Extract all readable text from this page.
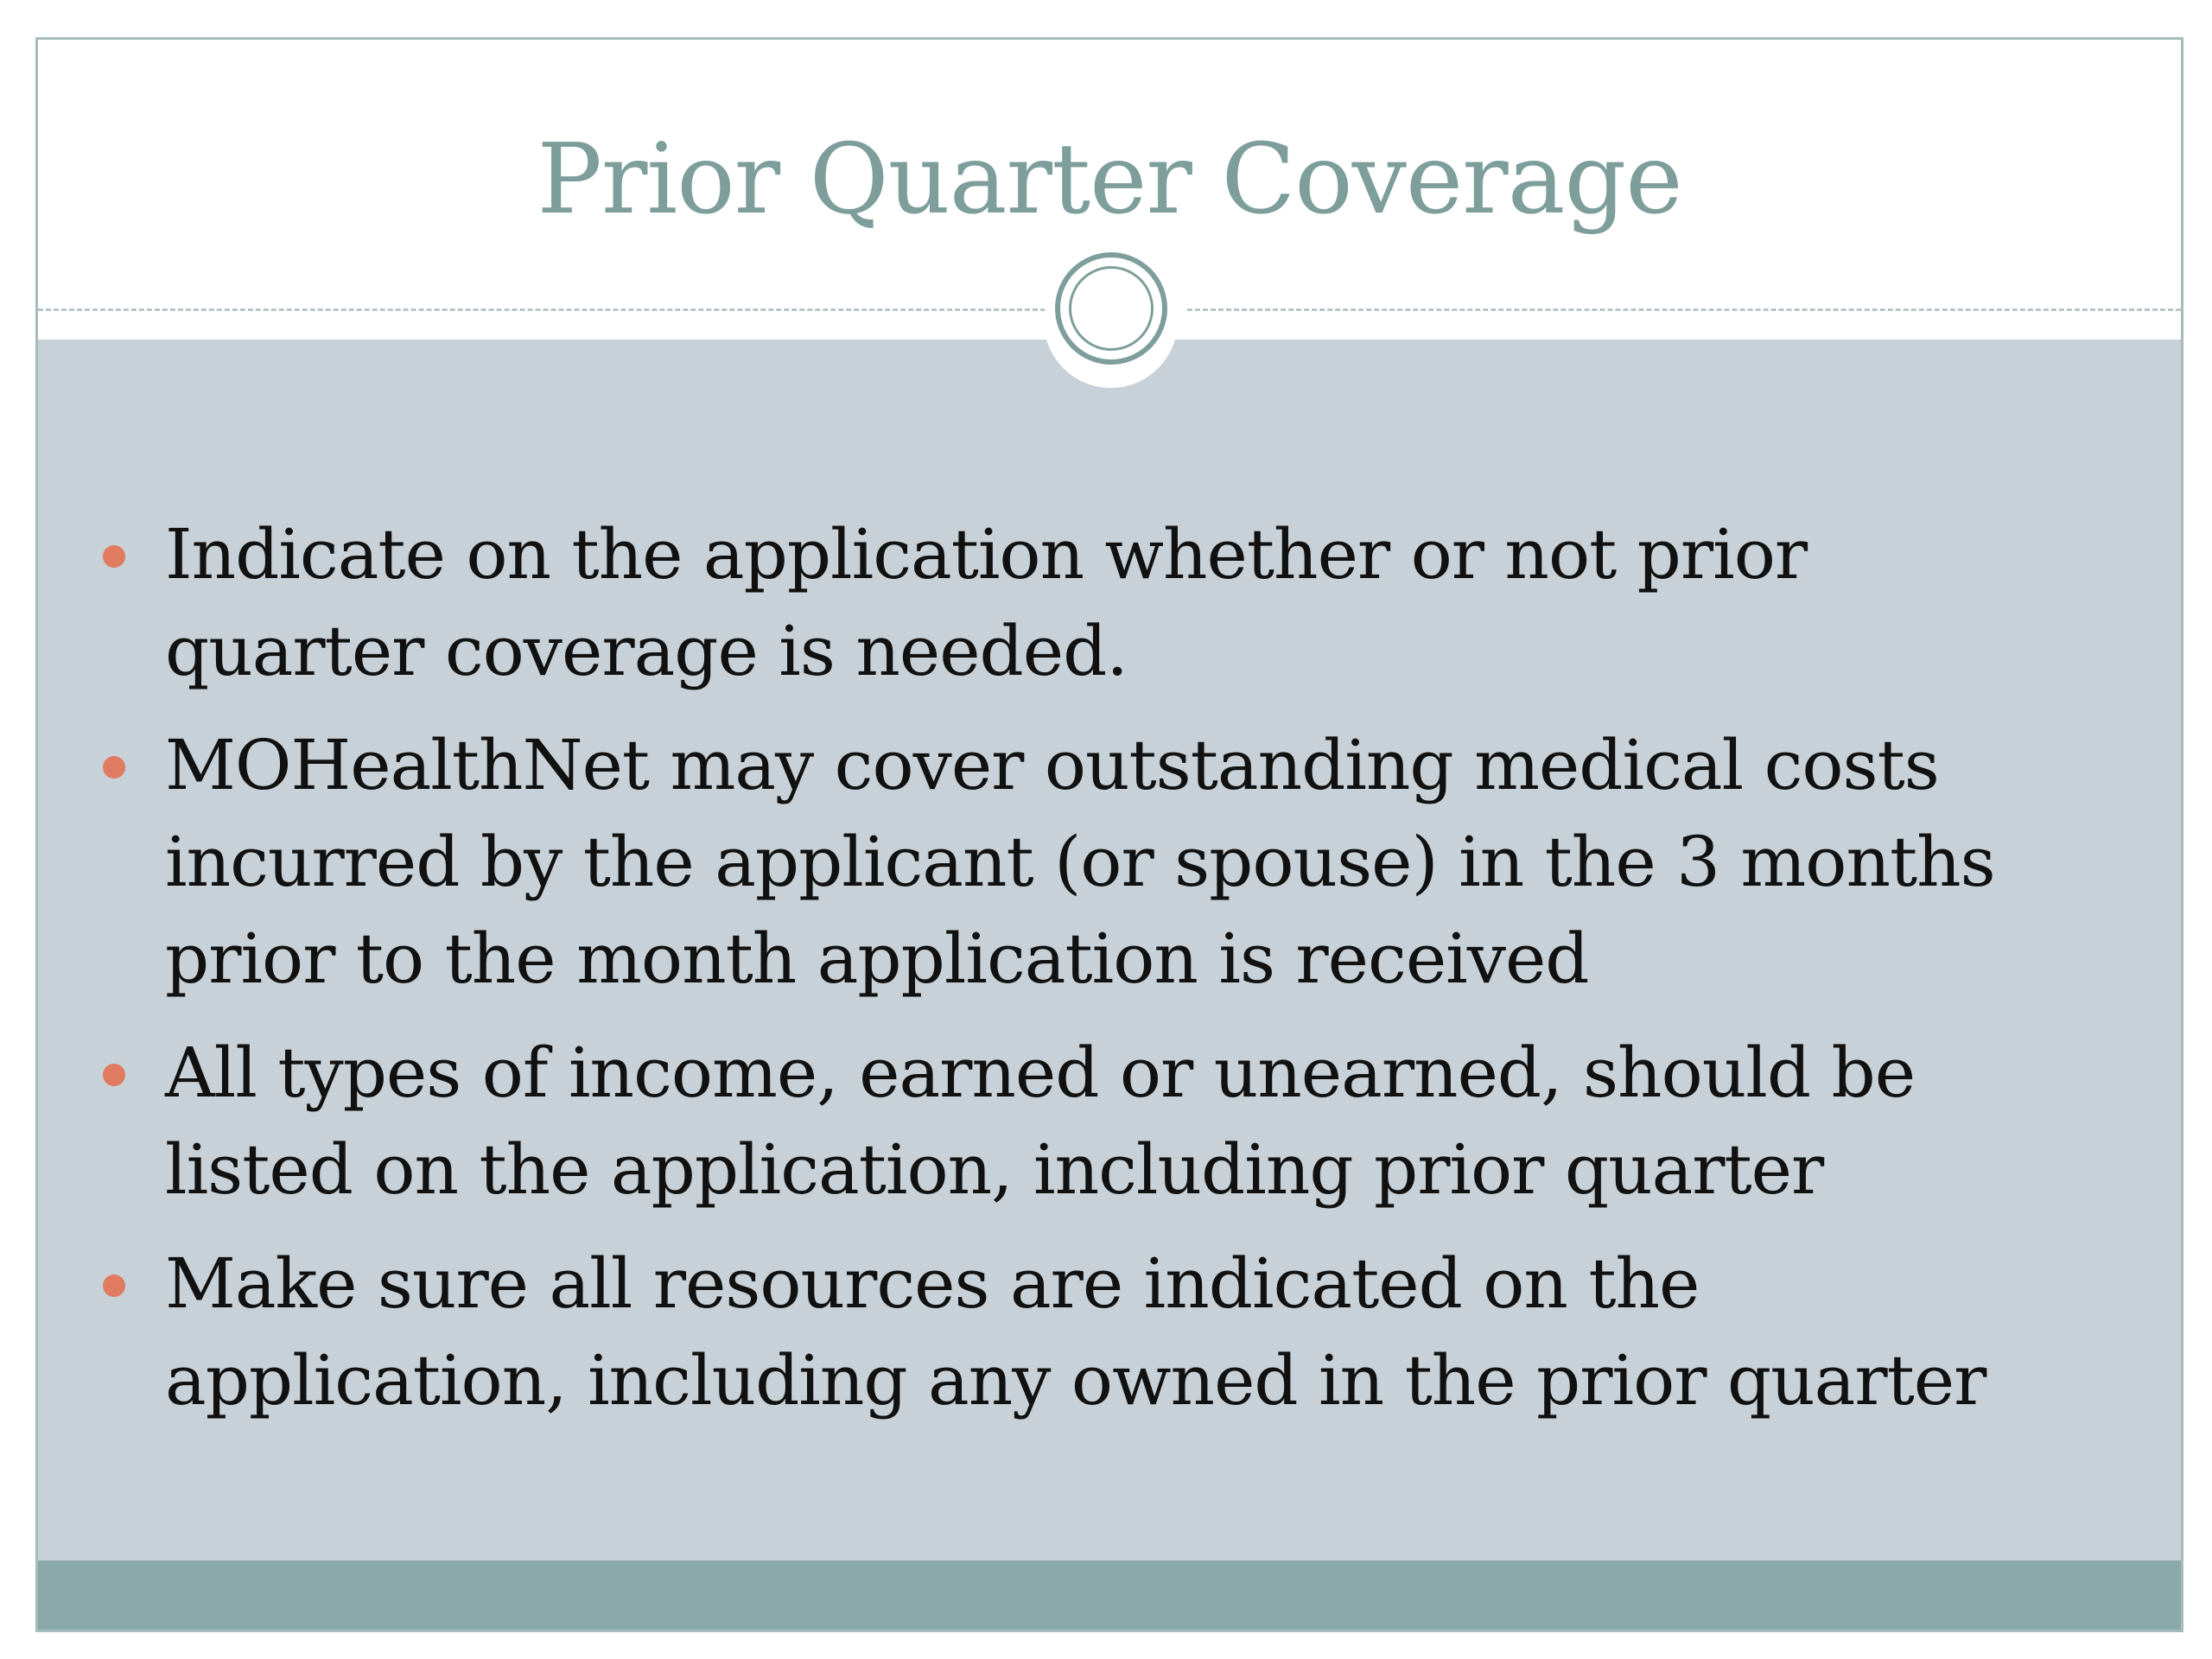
Prior Quarter Coverage
Indicate on the application whether or not prior
quarter coverage is needed.
MOHealthNet may cover outstanding medical costs
incurred by the applicant (or spouse) in the 3 months
prior to the month application is received
All types of income, earned or unearned, should be
listed on the application, including prior quarter
Make sure all resources are indicated on the
application, including any owned in the prior quarter
